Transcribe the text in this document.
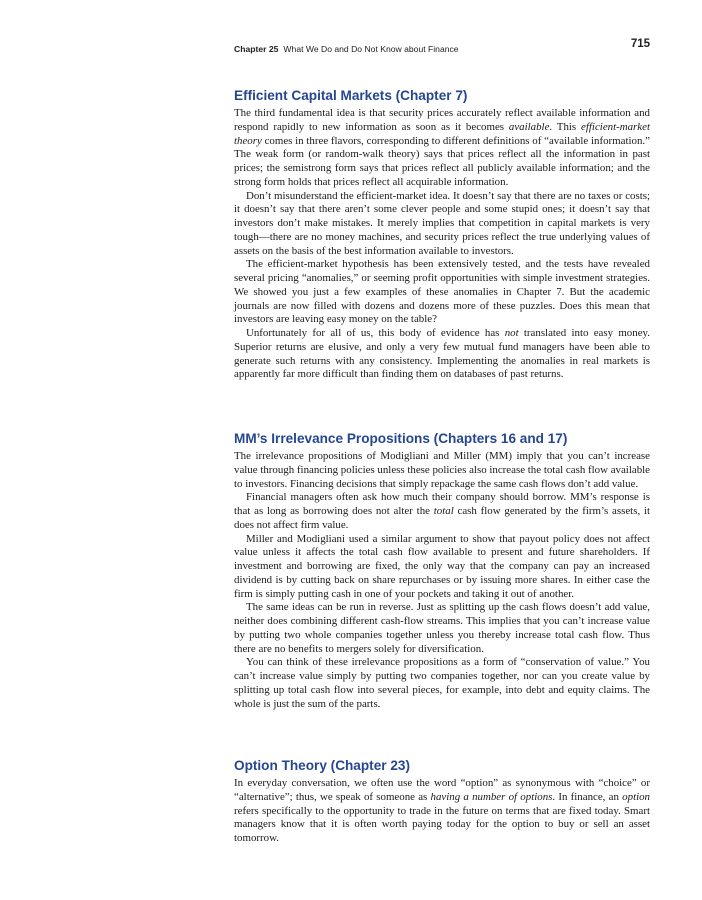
Chapter 25 What We Do and Do Not Know about Finance	715
Efficient Capital Markets (Chapter 7)

The third fundamental idea is that security prices accurately reflect available information and respond rapidly to new information as soon as it becomes available. This efficient-market theory comes in three flavors, corresponding to different definitions of “available information.” The weak form (or random-walk theory) says that prices reflect all the information in past prices; the semistrong form says that prices reflect all publicly available information; and the strong form holds that prices reflect all acquirable information.

Don’t misunderstand the efficient-market idea. It doesn’t say that there are no taxes or costs; it doesn’t say that there aren’t some clever people and some stupid ones; it doesn’t say that investors don’t make mistakes. It merely implies that competition in capital markets is very tough—there are no money machines, and security prices reflect the true underlying values of assets on the basis of the best information available to investors.

The efficient-market hypothesis has been extensively tested, and the tests have revealed several pricing “anomalies,” or seeming profit opportunities with simple investment strategies. We showed you just a few examples of these anomalies in Chapter 7. But the academic journals are now filled with dozens and dozens more of these puzzles. Does this mean that investors are leaving easy money on the table?

Unfortunately for all of us, this body of evidence has not translated into easy money. Superior returns are elusive, and only a very few mutual fund managers have been able to generate such returns with any consistency. Implementing the anomalies in real markets is apparently far more difficult than finding them on databases of past returns.

MM’s Irrelevance Propositions (Chapters 16 and 17)

The irrelevance propositions of Modigliani and Miller (MM) imply that you can’t increase value through financing policies unless these policies also increase the total cash flow available to investors. Financing decisions that simply repackage the same cash flows don’t add value.

Financial managers often ask how much their company should borrow. MM’s response is that as long as borrowing does not alter the total cash flow generated by the firm’s assets, it does not affect firm value.

Miller and Modigliani used a similar argument to show that payout policy does not affect value unless it affects the total cash flow available to present and future shareholders. If investment and borrowing are fixed, the only way that the company can pay an increased dividend is by cutting back on share repurchases or by issuing more shares. In either case the firm is simply putting cash in one of your pockets and taking it out of another.

The same ideas can be run in reverse. Just as splitting up the cash flows doesn’t add value, neither does combining different cash-flow streams. This implies that you can’t increase value by putting two whole companies together unless you thereby increase total cash flow. Thus there are no benefits to mergers solely for diversification.

You can think of these irrelevance propositions as a form of “conservation of value.” You can’t increase value simply by putting two companies together, nor can you create value by splitting up total cash flow into several pieces, for example, into debt and equity claims. The whole is just the sum of the parts.

Option Theory (Chapter 23)

In everyday conversation, we often use the word “option” as synonymous with “choice” or “alternative”; thus, we speak of someone as having a number of options. In finance, an option refers specifically to the opportunity to trade in the future on terms that are fixed today. Smart managers know that it is often worth paying today for the option to buy or sell an asset tomorrow.
